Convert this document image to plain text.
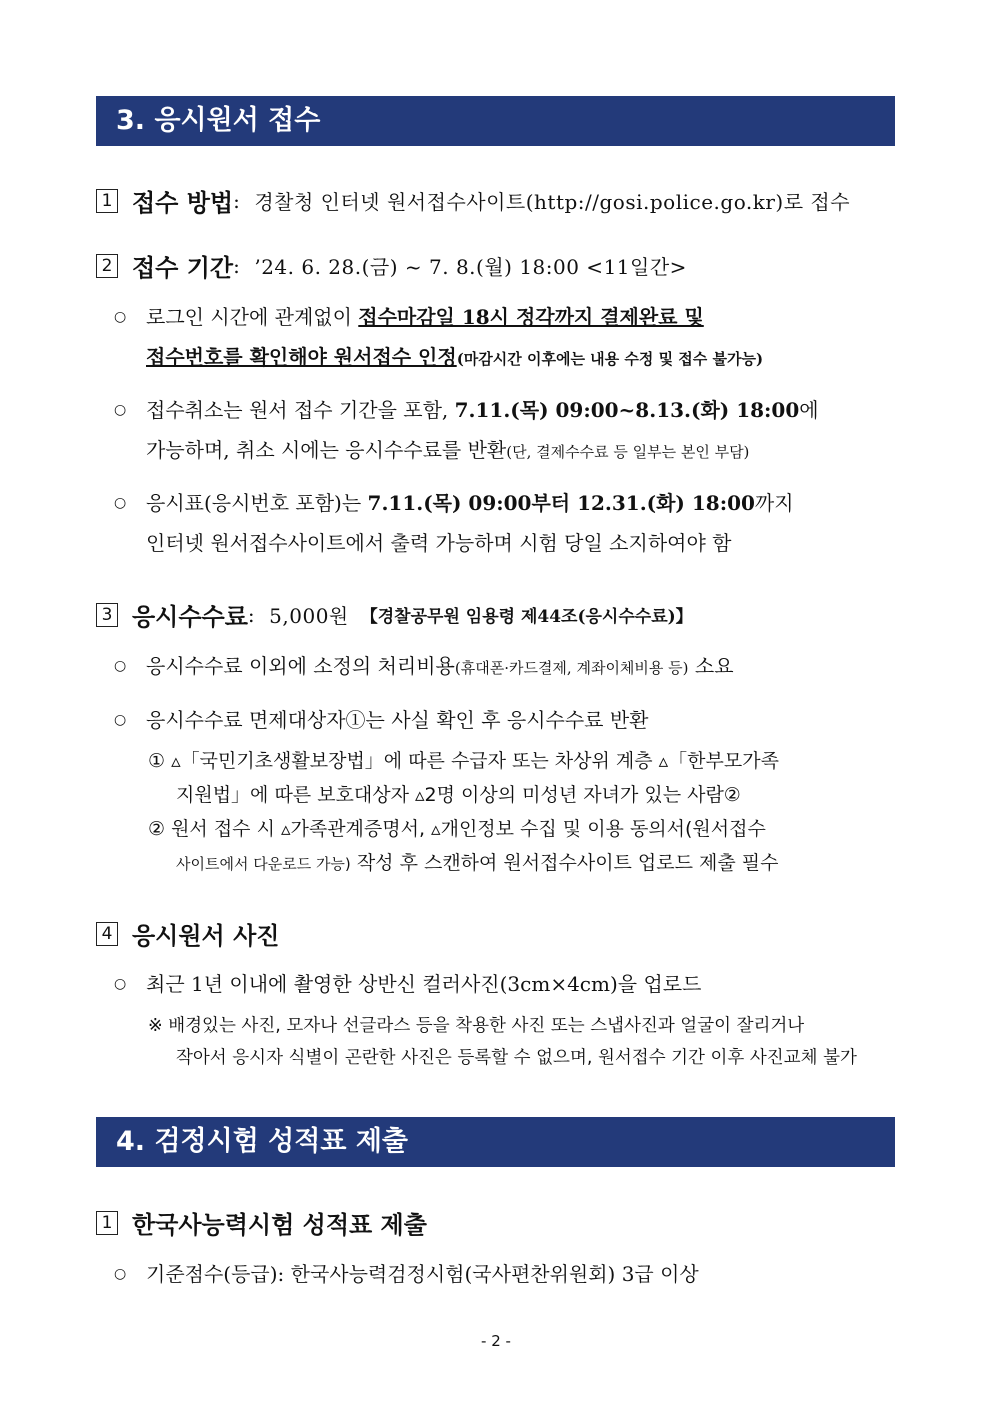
3. 응시원서 접수
1 접수 방법 : 경찰청 인터넷 원서접수사이트(http://gosi.police.go.kr)로 접수
2 접수 기간 : ’24. 6. 28.(금) ~ 7. 8.(월) 18:00 <11일간>
○ 로그인 시간에 관계없이 접수마감일 18시 정각까지 결제완료 및
접수번호를 확인해야 원서접수 인정(마감시간 이후에는 내용 수정 및 접수 불가능)
○ 접수취소는 원서 접수 기간을 포함, 7.11.(목) 09:00~8.13.(화) 18:00에
가능하며, 취소 시에는 응시수수료를 반환(단, 결제수수료 등 일부는 본인 부담)
○ 응시표(응시번호 포함)는 7.11.(목) 09:00부터 12.31.(화) 18:00까지
인터넷 원서접수사이트에서 출력 가능하며 시험 당일 소지하여야 함
3 응시수수료 : 5,000원 【경찰공무원 임용령 제44조(응시수수료)】
○ 응시수수료 이외에 소정의 처리비용(휴대폰·카드결제, 계좌이체비용 등) 소요
○ 응시수수료 면제대상자①는 사실 확인 후 응시수수료 반환
① ▵「국민기초생활보장법」에 따른 수급자 또는 차상위 계층 ▵「한부모가족
지원법」에 따른 보호대상자 ▵2명 이상의 미성년 자녀가 있는 사람②
② 원서 접수 시 ▵가족관계증명서, ▵개인정보 수집 및 이용 동의서(원서접수
사이트에서 다운로드 가능) 작성 후 스캔하여 원서접수사이트 업로드 제출 필수
4 응시원서 사진
○ 최근 1년 이내에 촬영한 상반신 컬러사진(3cm×4cm)을 업로드
※ 배경있는 사진, 모자나 선글라스 등을 착용한 사진 또는 스냅사진과 얼굴이 잘리거나
작아서 응시자 식별이 곤란한 사진은 등록할 수 없으며, 원서접수 기간 이후 사진교체 불가
4. 검정시험 성적표 제출
1 한국사능력시험 성적표 제출
○ 기준점수(등급): 한국사능력검정시험(국사편찬위원회) 3급 이상
- 2 -
